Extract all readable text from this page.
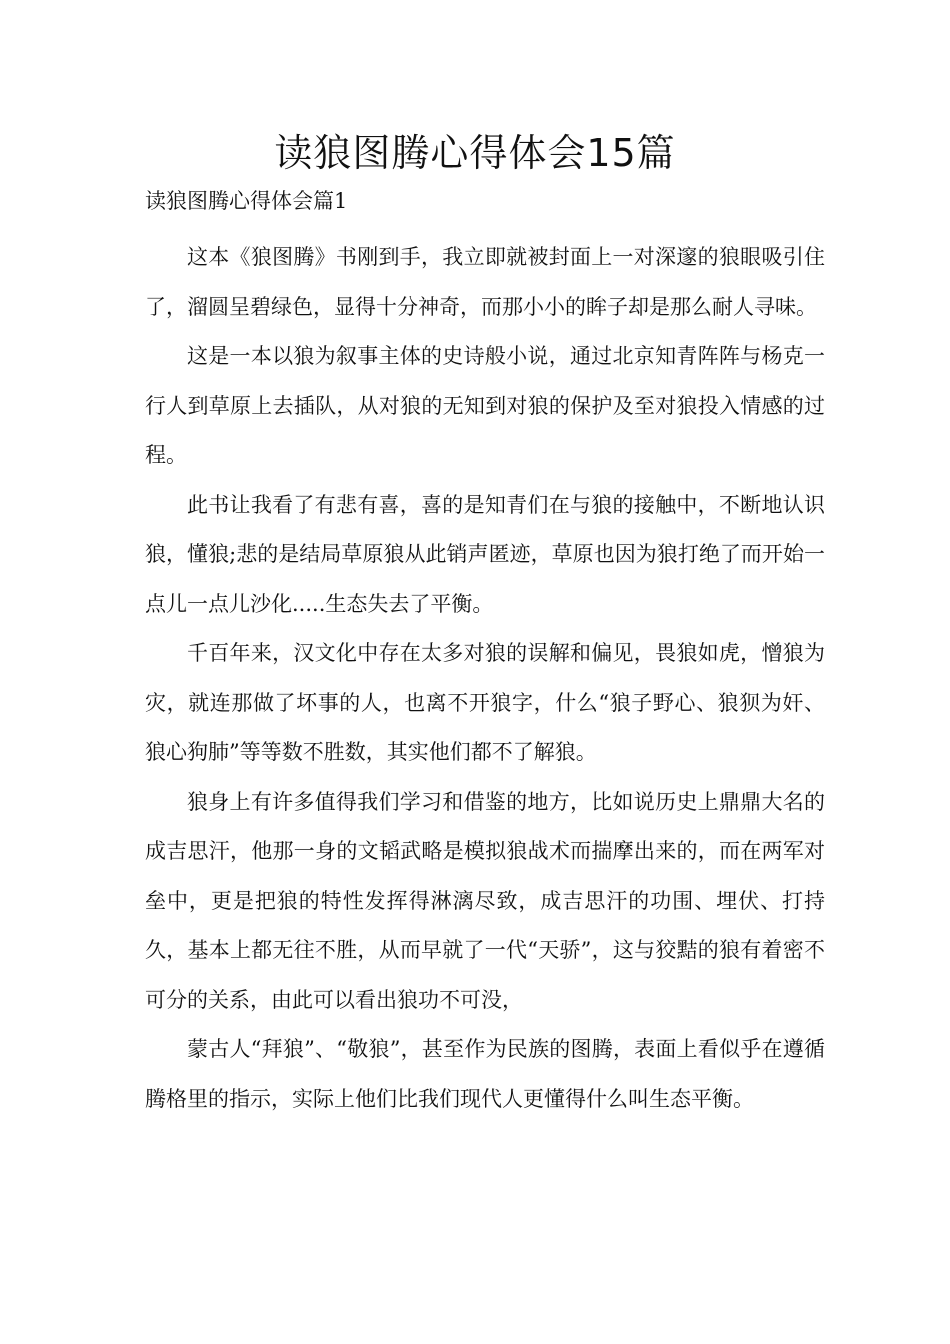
读狼图腾心得体会15篇

读狼图腾心得体会篇1

这本《狼图腾》书刚到手，我立即就被封面上一对深邃的狼眼吸引住了，溜圆呈碧绿色，显得十分神奇，而那小小的眸子却是那么耐人寻味。

这是一本以狼为叙事主体的史诗般小说，通过北京知青阵阵与杨克一行人到草原上去插队，从对狼的无知到对狼的保护及至对狼投入情感的过程。

此书让我看了有悲有喜，喜的是知青们在与狼的接触中，不断地认识狼，懂狼;悲的是结局草原狼从此销声匿迹，草原也因为狼打绝了而开始一点儿一点儿沙化.....生态失去了平衡。

千百年来，汉文化中存在太多对狼的误解和偏见，畏狼如虎，憎狼为灾，就连那做了坏事的人，也离不开狼字，什么“狼子野心、狼狈为奸、狼心狗肺”等等数不胜数，其实他们都不了解狼。

狼身上有许多值得我们学习和借鉴的地方，比如说历史上鼎鼎大名的成吉思汗，他那一身的文韬武略是模拟狼战术而揣摩出来的，而在两军对垒中，更是把狼的特性发挥得淋漓尽致，成吉思汗的功围、埋伏、打持久，基本上都无往不胜，从而早就了一代“天骄”，这与狡黠的狼有着密不可分的关系，由此可以看出狼功不可没，

蒙古人“拜狼”、“敬狼”，甚至作为民族的图腾，表面上看似乎在遵循腾格里的指示，实际上他们比我们现代人更懂得什么叫生态平衡。
